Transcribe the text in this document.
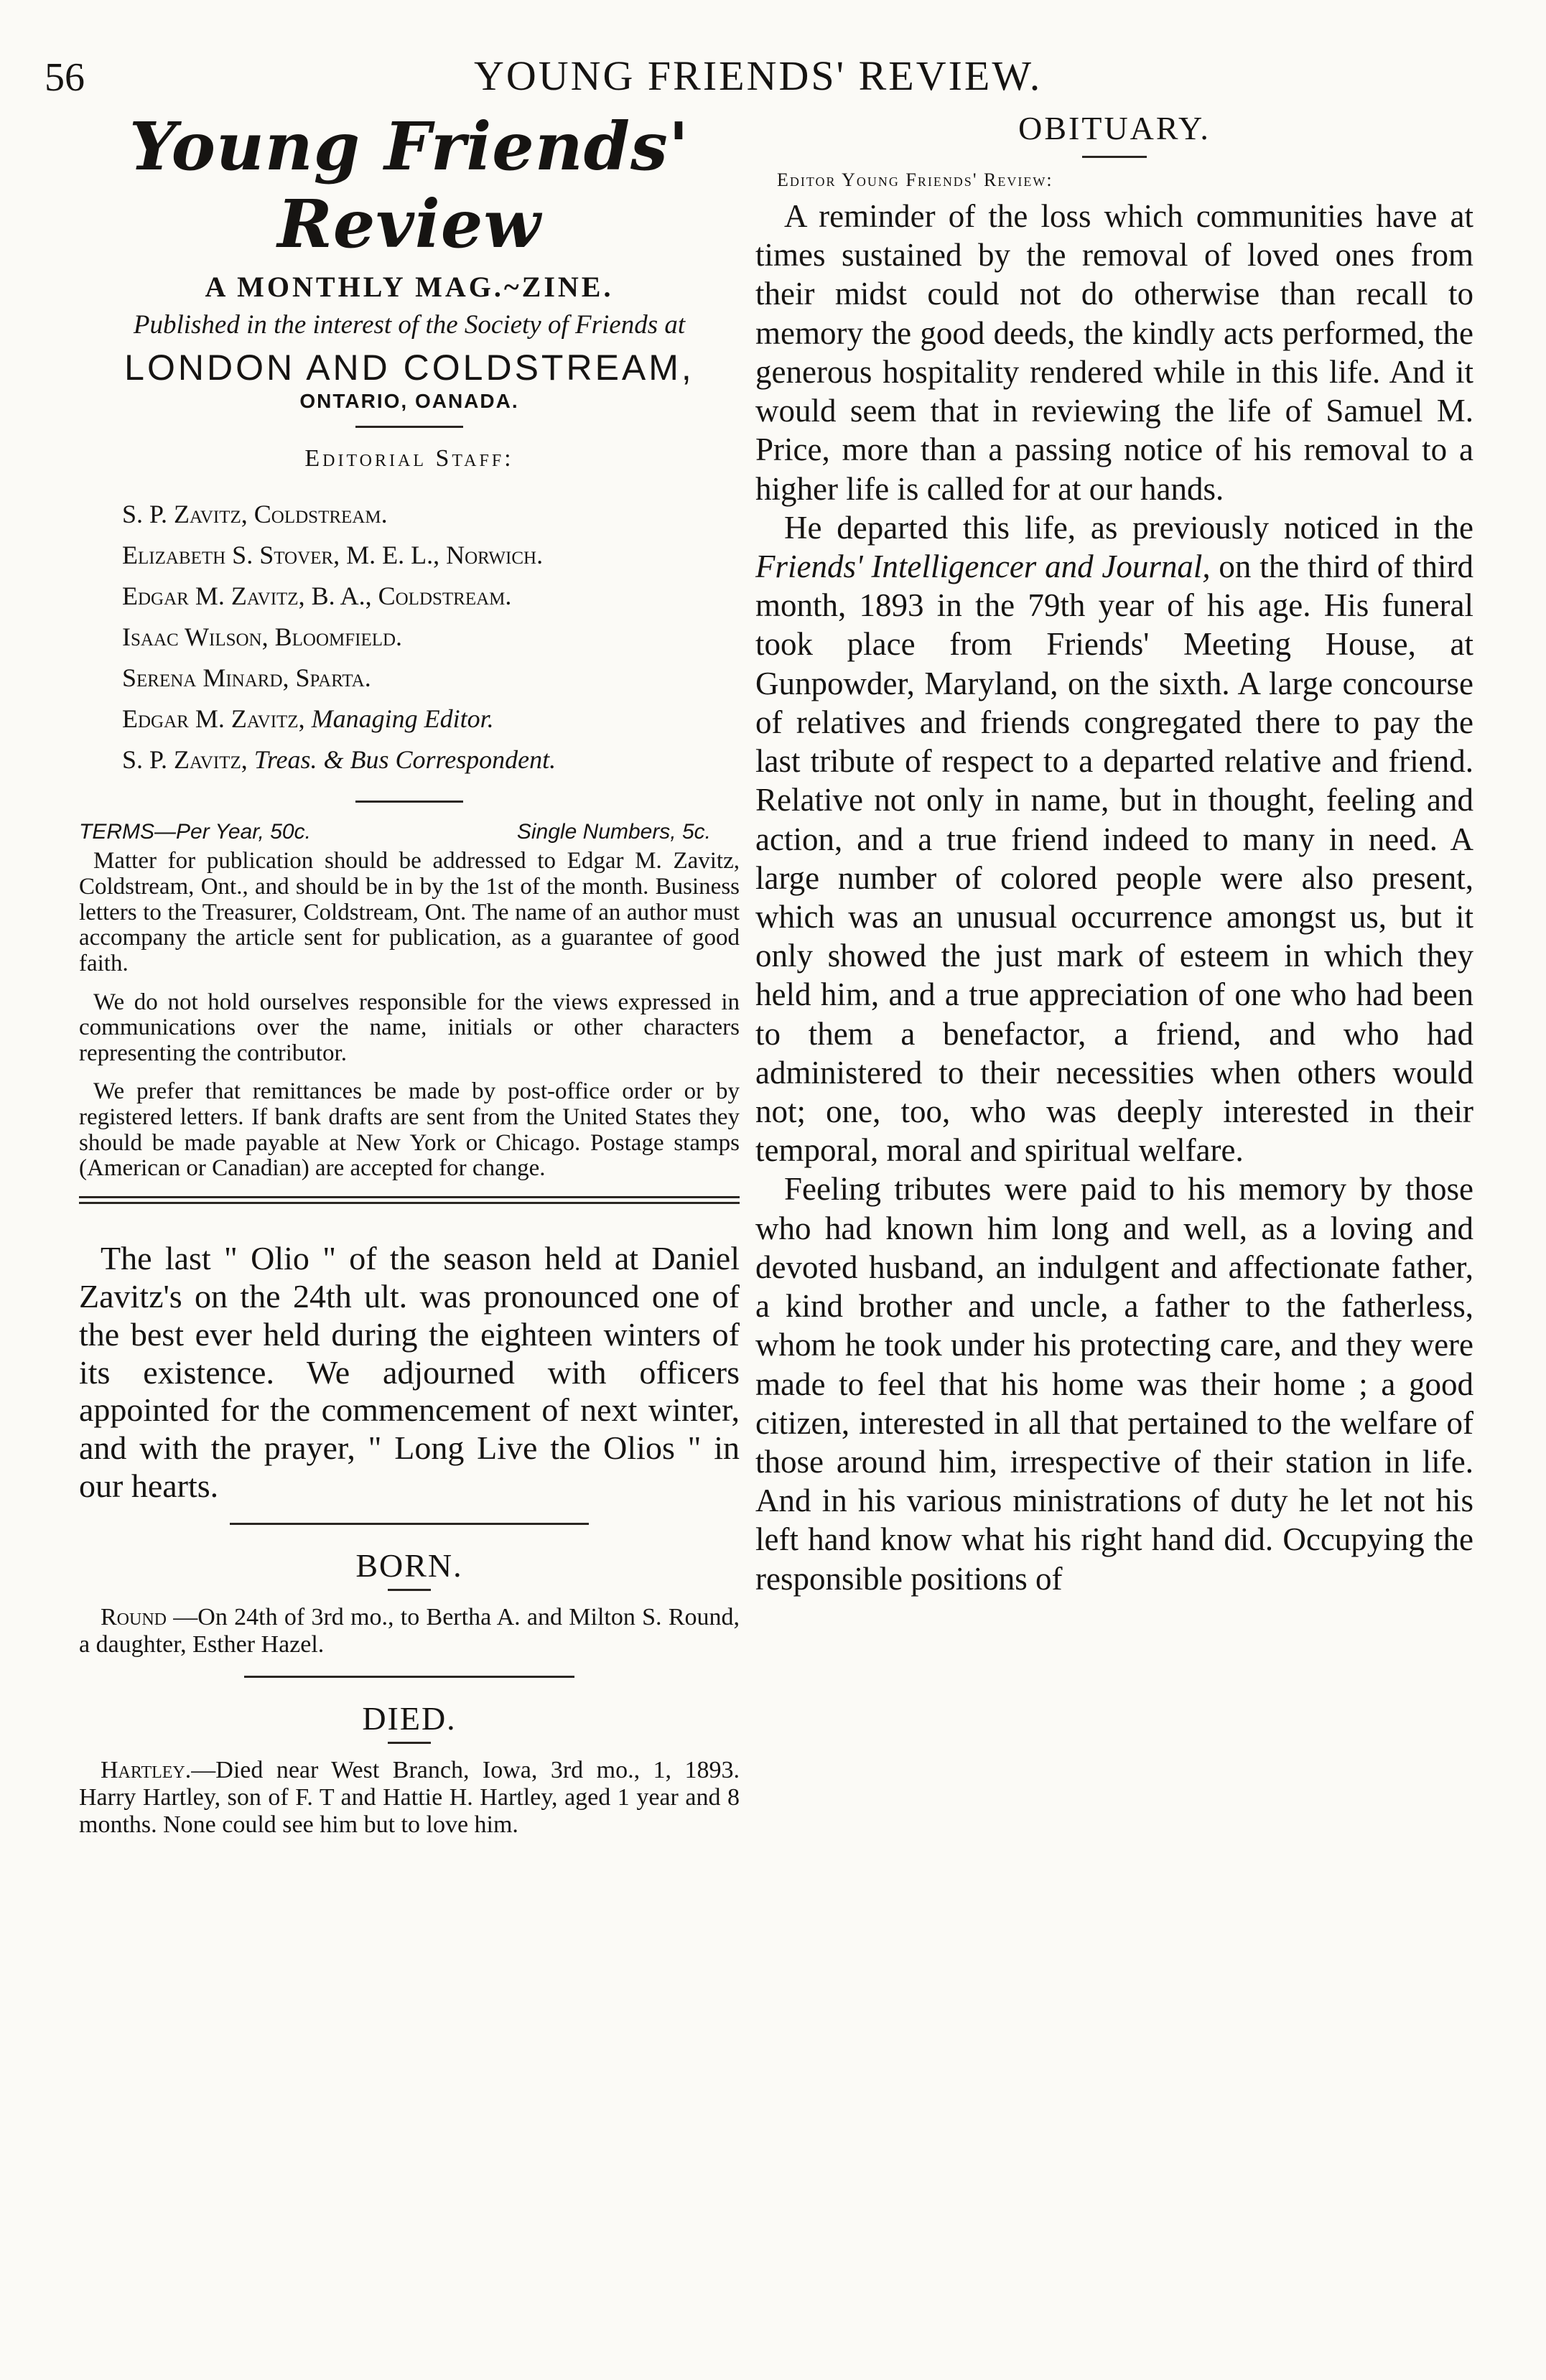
56	YOUNG FRIENDS' REVIEW.
Young Friends' Review
A MONTHLY MAG.~ZINE.
Published in the interest of the Society of Friends at
LONDON AND COLDSTREAM,
ONTARIO, OANADA.
Editorial Staff:
S. P. Zavitz, Coldstream.
Elizabeth S. Stover, M. E. L., Norwich.
Edgar M. Zavitz, B. A., Coldstream.
Isaac Wilson, Bloomfield.
Serena Minard, Sparta.
Edgar M. Zavitz, Managing Editor.
S. P. Zavitz, Treas. & Bus Correspondent.
TERMS—Per Year, 50c.	Single Numbers, 5c.

Matter for publication should be addressed to Edgar M. Zavitz, Coldstream, Ont., and should be in by the 1st of the month. Business letters to the Treasurer, Coldstream, Ont. The name of an author must accompany the article sent for publication, as a guarantee of good faith.

We do not hold ourselves responsible for the views expressed in communications over the name, initials or other characters representing the contributor.

We prefer that remittances be made by post-office order or by registered letters. If bank drafts are sent from the United States they should be made payable at New York or Chicago. Postage stamps (American or Canadian) are accepted for change.

The last " Olio " of the season held at Daniel Zavitz's on the 24th ult. was pronounced one of the best ever held during the eighteen winters of its existence. We adjourned with officers appointed for the commencement of next winter, and with the prayer, " Long Live the Olios " in our hearts.

BORN.

Round —On 24th of 3rd mo., to Bertha A. and Milton S. Round, a daughter, Esther Hazel.

DIED.

Hartley.—Died near West Branch, Iowa, 3rd mo., 1, 1893. Harry Hartley, son of F. T and Hattie H. Hartley, aged 1 year and 8 months. None could see him but to love him.

OBITUARY.
Editor Young Friends' Review:

A reminder of the loss which communities have at times sustained by the removal of loved ones from their midst could not do otherwise than recall to memory the good deeds, the kindly acts performed, the generous hospitality rendered while in this life. And it would seem that in reviewing the life of Samuel M. Price, more than a passing notice of his removal to a higher life is called for at our hands.

He departed this life, as previously noticed in the Friends' Intelligencer and Journal, on the third of third month, 1893 in the 79th year of his age. His funeral took place from Friends' Meeting House, at Gunpowder, Maryland, on the sixth. A large concourse of relatives and friends congregated there to pay the last tribute of respect to a departed relative and friend. Relative not only in name, but in thought, feeling and action, and a true friend indeed to many in need. A large number of colored people were also present, which was an unusual occurrence amongst us, but it only showed the just mark of esteem in which they held him, and a true appreciation of one who had been to them a benefactor, a friend, and who had administered to their necessities when others would not; one, too, who was deeply interested in their temporal, moral and spiritual welfare.

Feeling tributes were paid to his memory by those who had known him long and well, as a loving and devoted husband, an indulgent and affectionate father, a kind brother and uncle, a father to the fatherless, whom he took under his protecting care, and they were made to feel that his home was their home ; a good citizen, interested in all that pertained to the welfare of those around him, irrespective of their station in life. And in his various ministrations of duty he let not his left hand know what his right hand did. Occupying the responsible positions of
